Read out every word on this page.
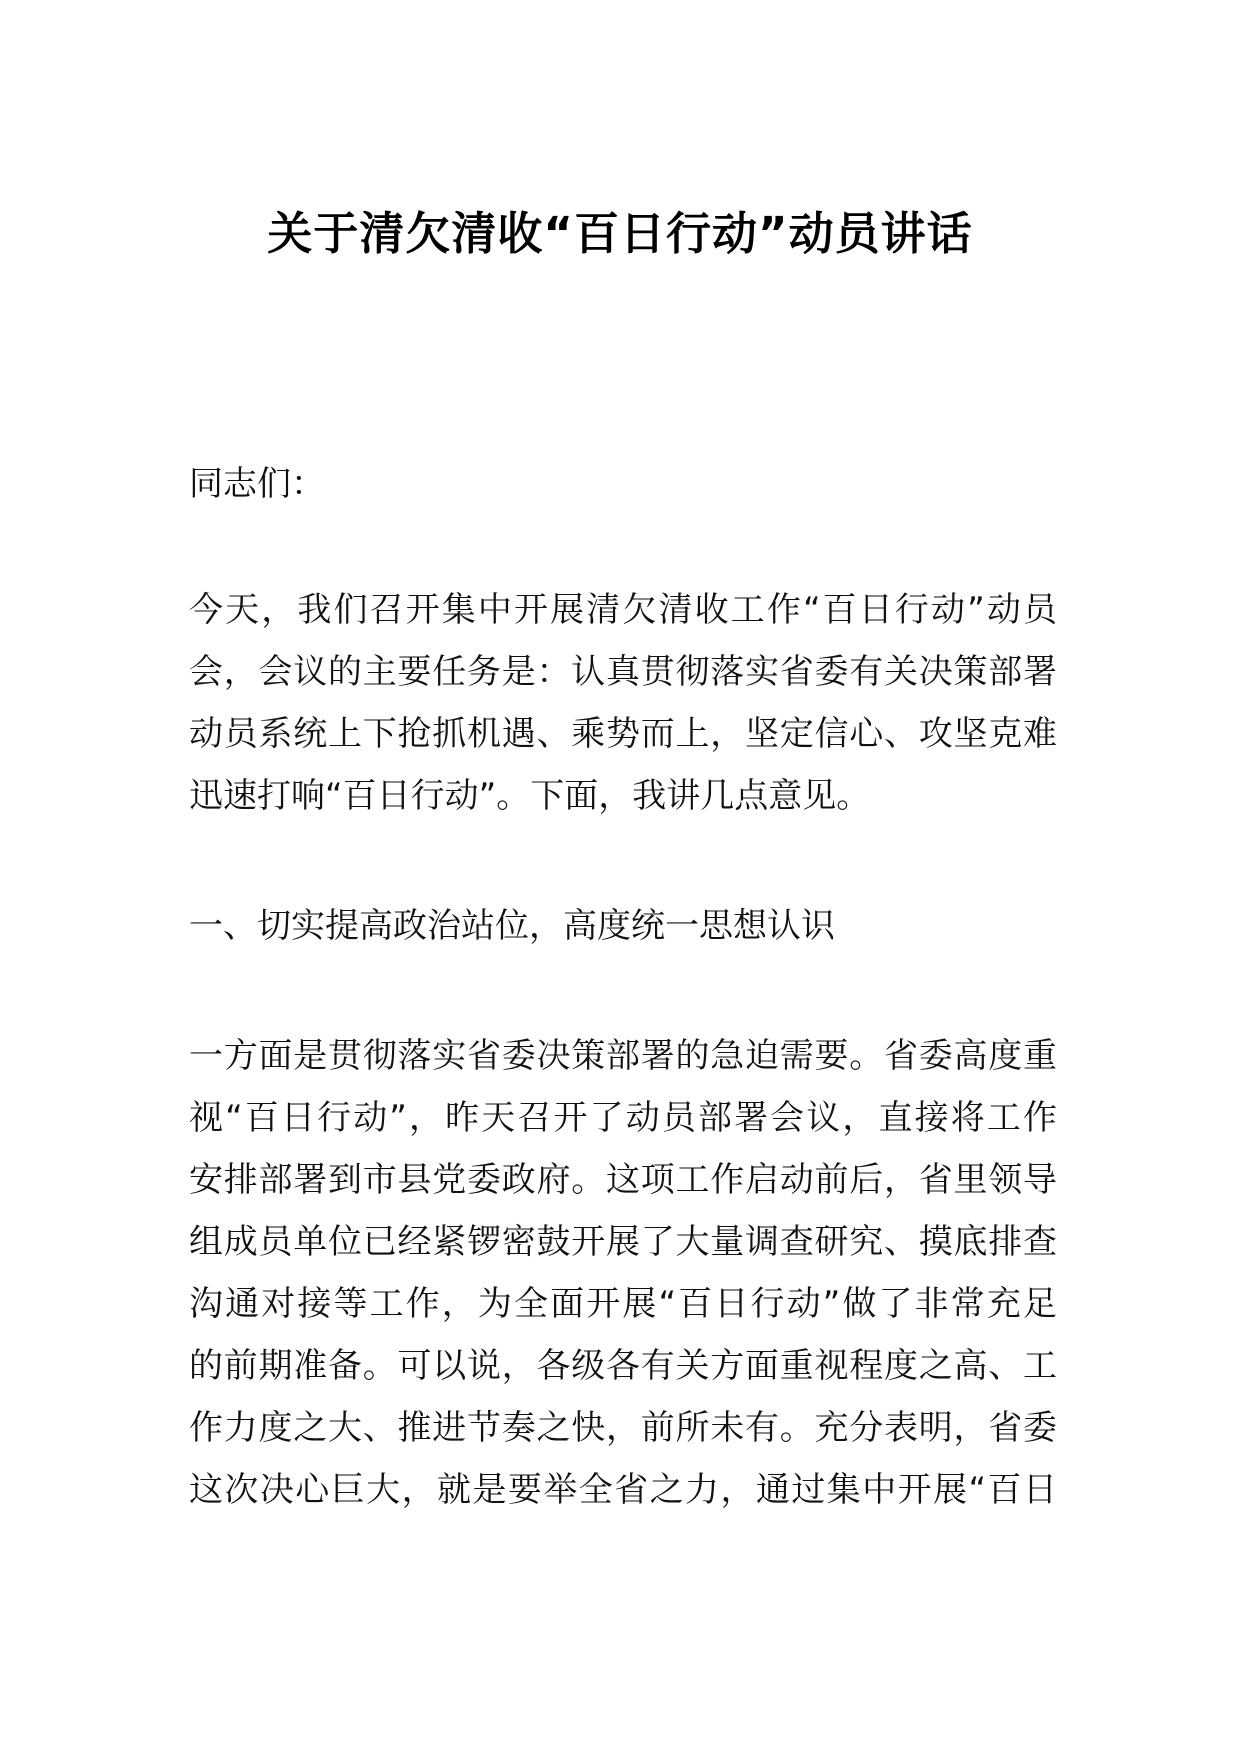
关于清欠清收“百日行动”动员讲话
同志们：
今天，我们召开集中开展清欠清收工作“百日行动”动员
会，会议的主要任务是：认真贯彻落实省委有关决策部署
动员系统上下抢抓机遇、乘势而上，坚定信心、攻坚克难
迅速打响“百日行动”。下面，我讲几点意见。
一、切实提高政治站位，高度统一思想认识
一方面是贯彻落实省委决策部署的急迫需要。省委高度重
视“百日行动”，昨天召开了动员部署会议，直接将工作
安排部署到市县党委政府。这项工作启动前后，省里领导
组成员单位已经紧锣密鼓开展了大量调查研究、摸底排查
沟通对接等工作，为全面开展“百日行动”做了非常充足
的前期准备。可以说，各级各有关方面重视程度之高、工
作力度之大、推进节奏之快，前所未有。充分表明，省委
这次决心巨大，就是要举全省之力，通过集中开展“百日
